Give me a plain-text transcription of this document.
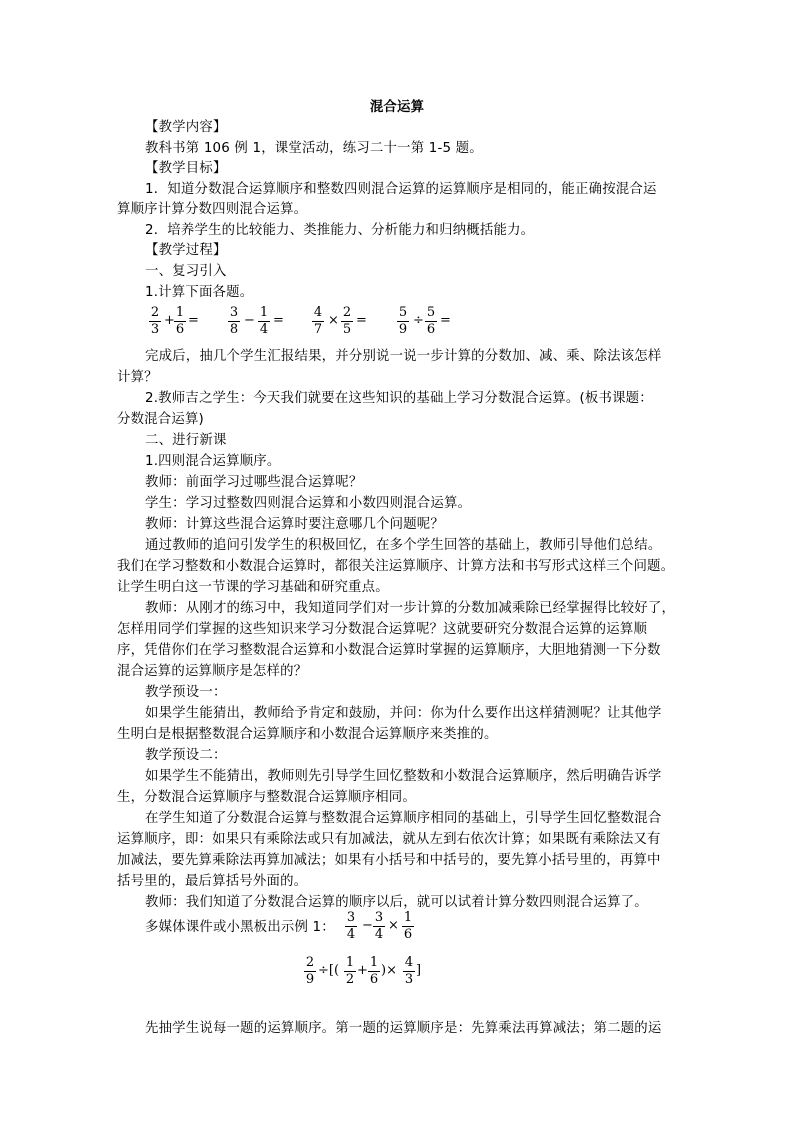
混合运算
【教学内容】
教科书第 106 例 1，课堂活动，练习二十一第 1-5 题。
【教学目标】
1．知道分数混合运算顺序和整数四则混合运算的运算顺序是相同的，能正确按混合运
算顺序计算分数四则混合运算。
2．培养学生的比较能力、类推能力、分析能力和归纳概括能力。
【教学过程】
一、复习引入
1.计算下面各题。
2
3
+
1
6
=
3
8
−
1
4
=
4
7
×
2
5
=
5
9
÷
5
6
=
完成后，抽几个学生汇报结果，并分别说一说一步计算的分数加、减、乘、除法该怎样
计算？
2.教师吉之学生：今天我们就要在这些知识的基础上学习分数混合运算。(板书课题：
分数混合运算)
二、进行新课
1.四则混合运算顺序。
教师：前面学习过哪些混合运算呢？
学生：学习过整数四则混合运算和小数四则混合运算。
教师：计算这些混合运算时要注意哪几个问题呢？
通过教师的追问引发学生的积极回忆，在多个学生回答的基础上，教师引导他们总结。
我们在学习整数和小数混合运算时，都很关注运算顺序、计算方法和书写形式这样三个问题。
让学生明白这一节课的学习基础和研究重点。
教师：从刚才的练习中，我知道同学们对一步计算的分数加减乘除已经掌握得比较好了，
怎样用同学们掌握的这些知识来学习分数混合运算呢？这就要研究分数混合运算的运算顺
序，凭借你们在学习整数混合运算和小数混合运算时掌握的运算顺序，大胆地猜测一下分数
混合运算的运算顺序是怎样的？
教学预设一：
如果学生能猜出，教师给予肯定和鼓励，并问：你为什么要作出这样猜测呢？让其他学
生明白是根据整数混合运算顺序和小数混合运算顺序来类推的。
教学预设二：
如果学生不能猜出，教师则先引导学生回忆整数和小数混合运算顺序，然后明确告诉学
生，分数混合运算顺序与整数混合运算顺序相同。
在学生知道了分数混合运算与整数混合运算顺序相同的基础上，引导学生回忆整数混合
运算顺序，即：如果只有乘除法或只有加减法，就从左到右依次计算；如果既有乘除法又有
加减法，要先算乘除法再算加减法；如果有小括号和中括号的，要先算小括号里的，再算中
括号里的，最后算括号外面的。
教师：我们知道了分数混合运算的顺序以后，就可以试着计算分数四则混合运算了。
多媒体课件或小黑板出示例 1：
3
4
−
3
4
×
1
6
2
9
÷[(
1
2
+
1
6
)×
4
3
]
先抽学生说每一题的运算顺序。第一题的运算顺序是：先算乘法再算减法；第二题的运
